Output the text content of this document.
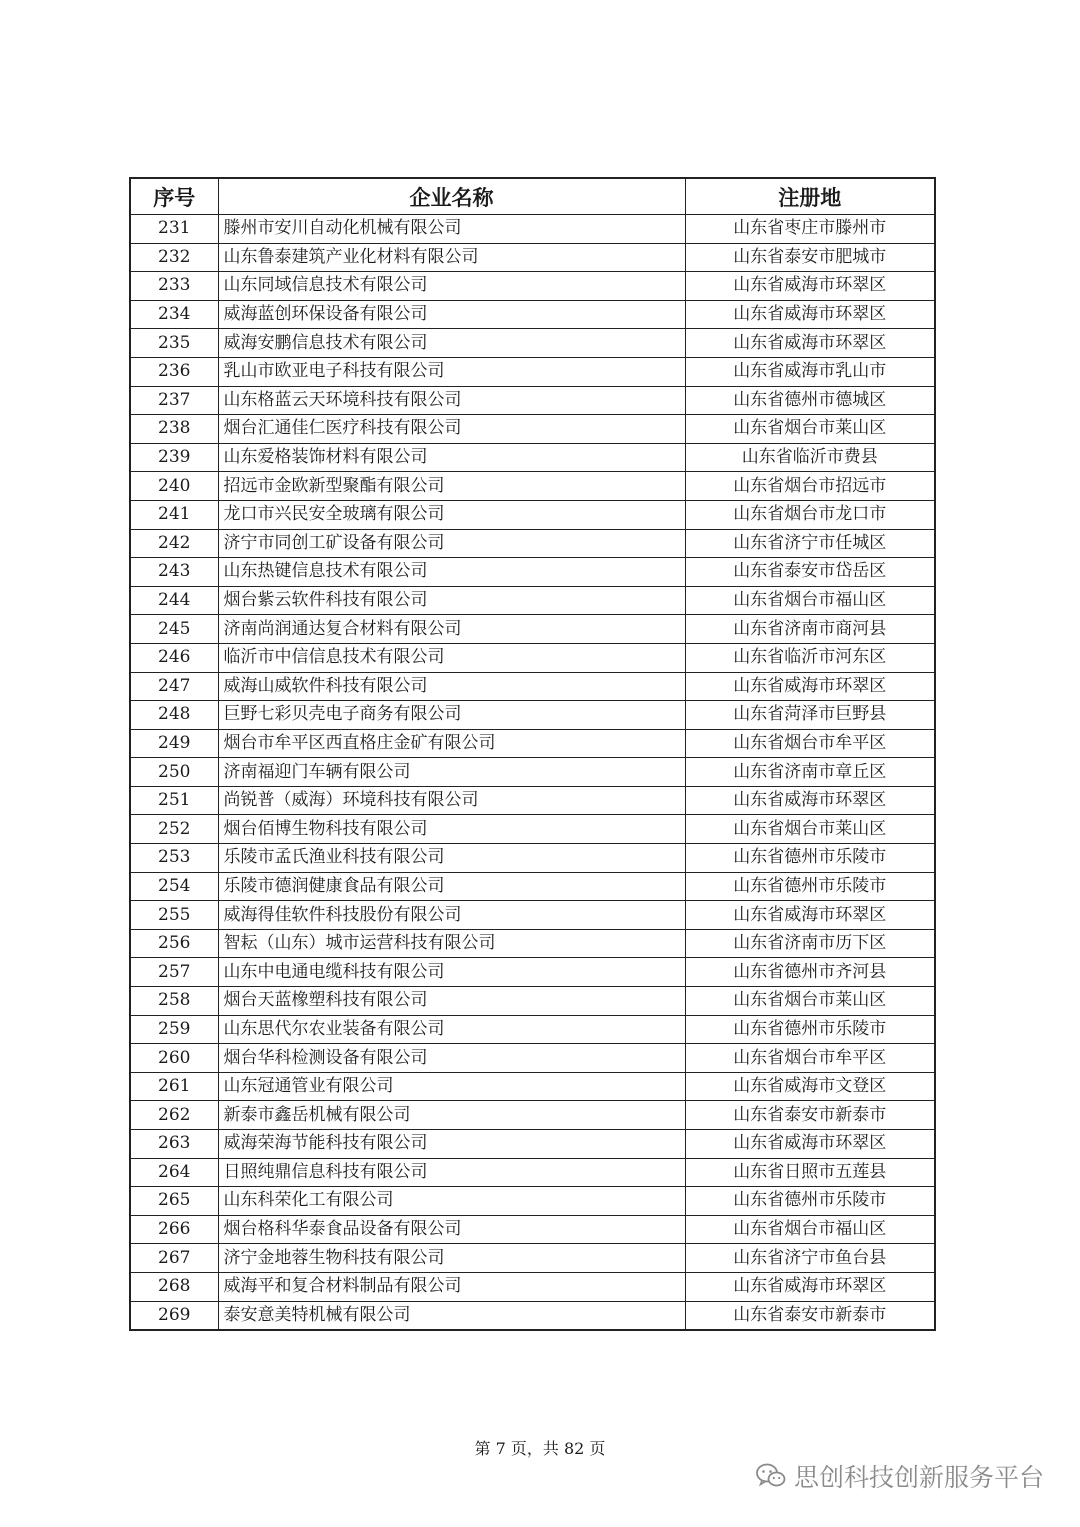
序号	企业名称	注册地
231	滕州市安川自动化机械有限公司	山东省枣庄市滕州市
232	山东鲁泰建筑产业化材料有限公司	山东省泰安市肥城市
233	山东同域信息技术有限公司	山东省威海市环翠区
234	威海蓝创环保设备有限公司	山东省威海市环翠区
235	威海安鹏信息技术有限公司	山东省威海市环翠区
236	乳山市欧亚电子科技有限公司	山东省威海市乳山市
237	山东格蓝云天环境科技有限公司	山东省德州市德城区
238	烟台汇通佳仁医疗科技有限公司	山东省烟台市莱山区
239	山东爱格装饰材料有限公司	山东省临沂市费县
240	招远市金欧新型聚酯有限公司	山东省烟台市招远市
241	龙口市兴民安全玻璃有限公司	山东省烟台市龙口市
242	济宁市同创工矿设备有限公司	山东省济宁市任城区
243	山东热键信息技术有限公司	山东省泰安市岱岳区
244	烟台紫云软件科技有限公司	山东省烟台市福山区
245	济南尚润通达复合材料有限公司	山东省济南市商河县
246	临沂市中信信息技术有限公司	山东省临沂市河东区
247	威海山威软件科技有限公司	山东省威海市环翠区
248	巨野七彩贝壳电子商务有限公司	山东省菏泽市巨野县
249	烟台市牟平区西直格庄金矿有限公司	山东省烟台市牟平区
250	济南福迎门车辆有限公司	山东省济南市章丘区
251	尚锐普（威海）环境科技有限公司	山东省威海市环翠区
252	烟台佰博生物科技有限公司	山东省烟台市莱山区
253	乐陵市孟氏渔业科技有限公司	山东省德州市乐陵市
254	乐陵市德润健康食品有限公司	山东省德州市乐陵市
255	威海得佳软件科技股份有限公司	山东省威海市环翠区
256	智耘（山东）城市运营科技有限公司	山东省济南市历下区
257	山东中电通电缆科技有限公司	山东省德州市齐河县
258	烟台天蓝橡塑科技有限公司	山东省烟台市莱山区
259	山东思代尔农业装备有限公司	山东省德州市乐陵市
260	烟台华科检测设备有限公司	山东省烟台市牟平区
261	山东冠通管业有限公司	山东省威海市文登区
262	新泰市鑫岳机械有限公司	山东省泰安市新泰市
263	威海荣海节能科技有限公司	山东省威海市环翠区
264	日照纯鼎信息科技有限公司	山东省日照市五莲县
265	山东科荣化工有限公司	山东省德州市乐陵市
266	烟台格科华泰食品设备有限公司	山东省烟台市福山区
267	济宁金地蓉生物科技有限公司	山东省济宁市鱼台县
268	威海平和复合材料制品有限公司	山东省威海市环翠区
269	泰安意美特机械有限公司	山东省泰安市新泰市
第 7 页，共 82 页
思创科技创新服务平台
